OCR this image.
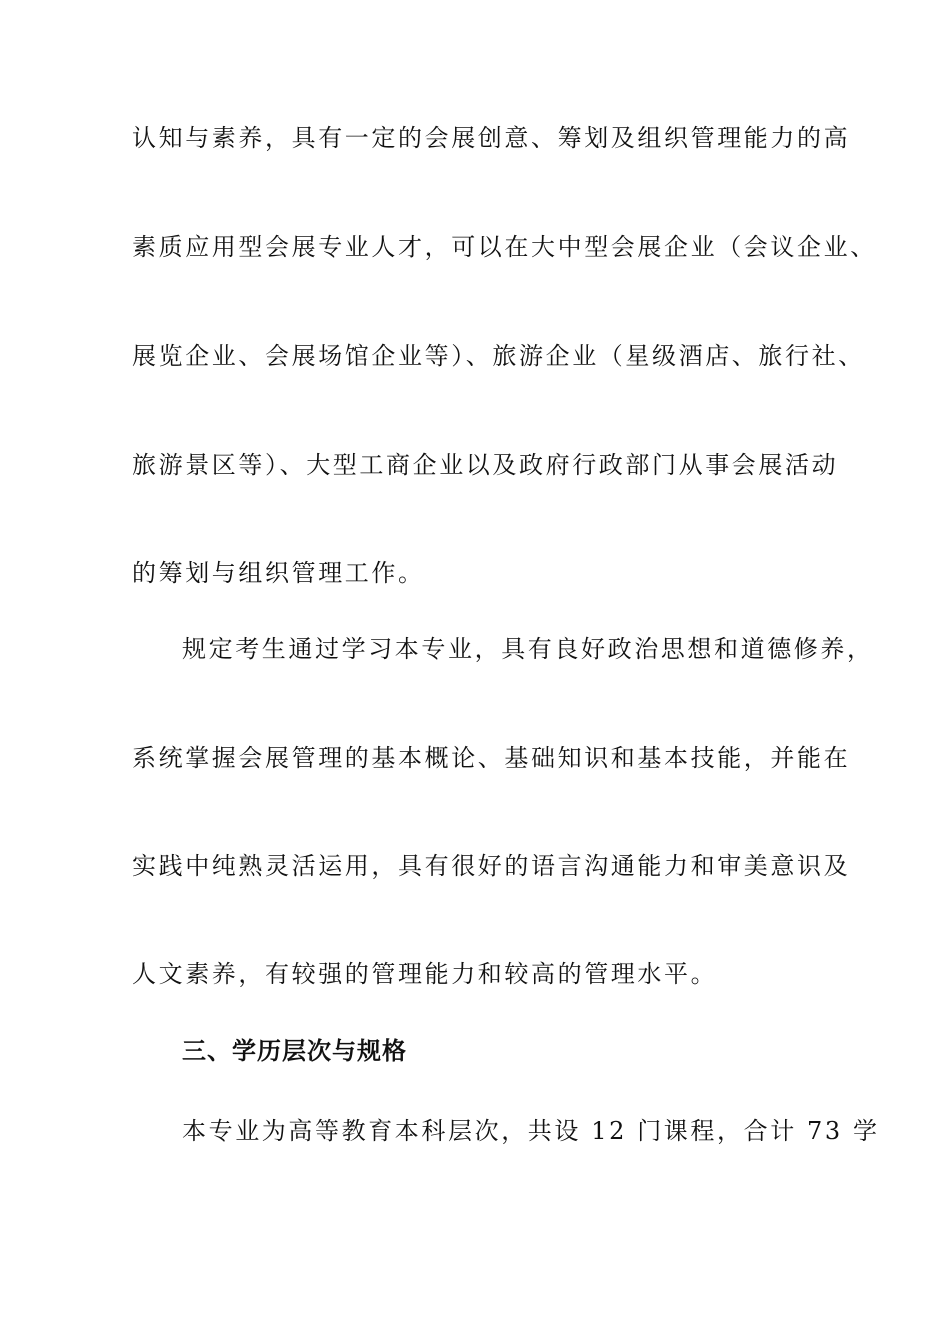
认知与素养，具有一定的会展创意、筹划及组织管理能力的高
素质应用型会展专业人才，可以在大中型会展企业（会议企业、
展览企业、会展场馆企业等）、旅游企业（星级酒店、旅行社、
旅游景区等）、大型工商企业以及政府行政部门从事会展活动
的筹划与组织管理工作。
规定考生通过学习本专业，具有良好政治思想和道德修养，
系统掌握会展管理的基本概论、基础知识和基本技能，并能在
实践中纯熟灵活运用，具有很好的语言沟通能力和审美意识及
人文素养，有较强的管理能力和较高的管理水平。
三、学历层次与规格
本专业为高等教育本科层次，共设 12 门课程，合计 73 学
